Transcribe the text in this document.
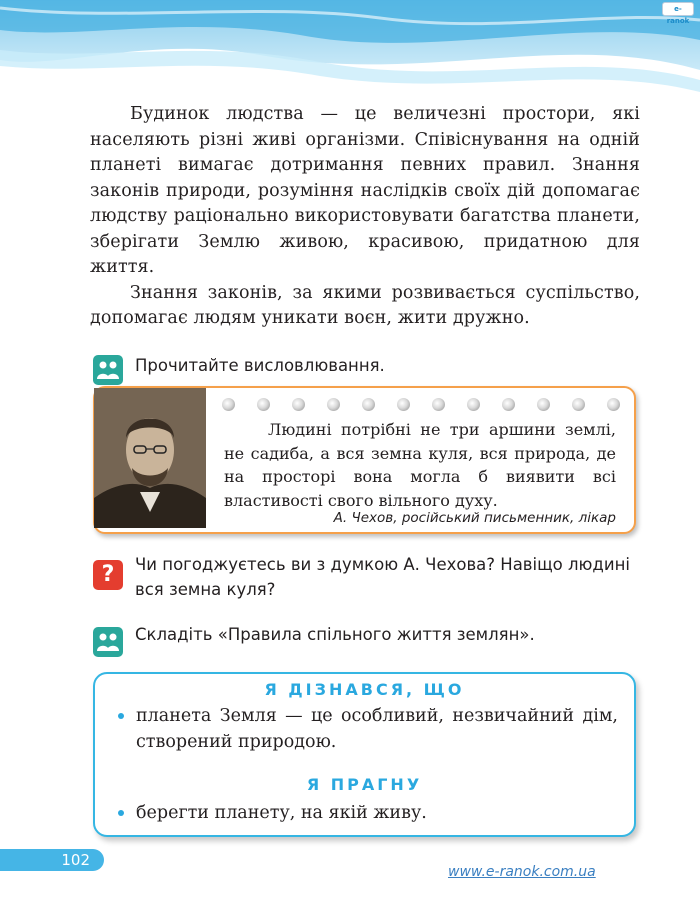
e-ranok

Будинок людства — це величезні простори, які населяють різні живі організми. Співіснування на одній планеті вимагає дотримання певних правил. Знання законів природи, розуміння наслідків своїх дій допомагає людству раціонально використовувати багатства планети, зберігати Землю живою, красивою, придатною для життя.

Знання законів, за якими розвивається суспільство, допомагає людям уникати воєн, жити дружно.

Прочитайте висловлювання.
Людині потрібні не три аршини землі, не садиба, а вся земна куля, вся природа, де на просторі вона могла б виявити всі властивості свого вільного духу.
А. Чехов, російський письменник, лікар
?	Чи погоджуєтесь ви з думкою А. Чехова? Навіщо людині вся земна куля?
Складіть «Правила спільного життя землян».
Я ДІЗНАВСЯ, ЩО
планета Земля — це особливий, незвичайний дім, створений природою.
Я ПРАГНУ
берегти планету, на якій живу.
102
www.e-ranok.com.ua
